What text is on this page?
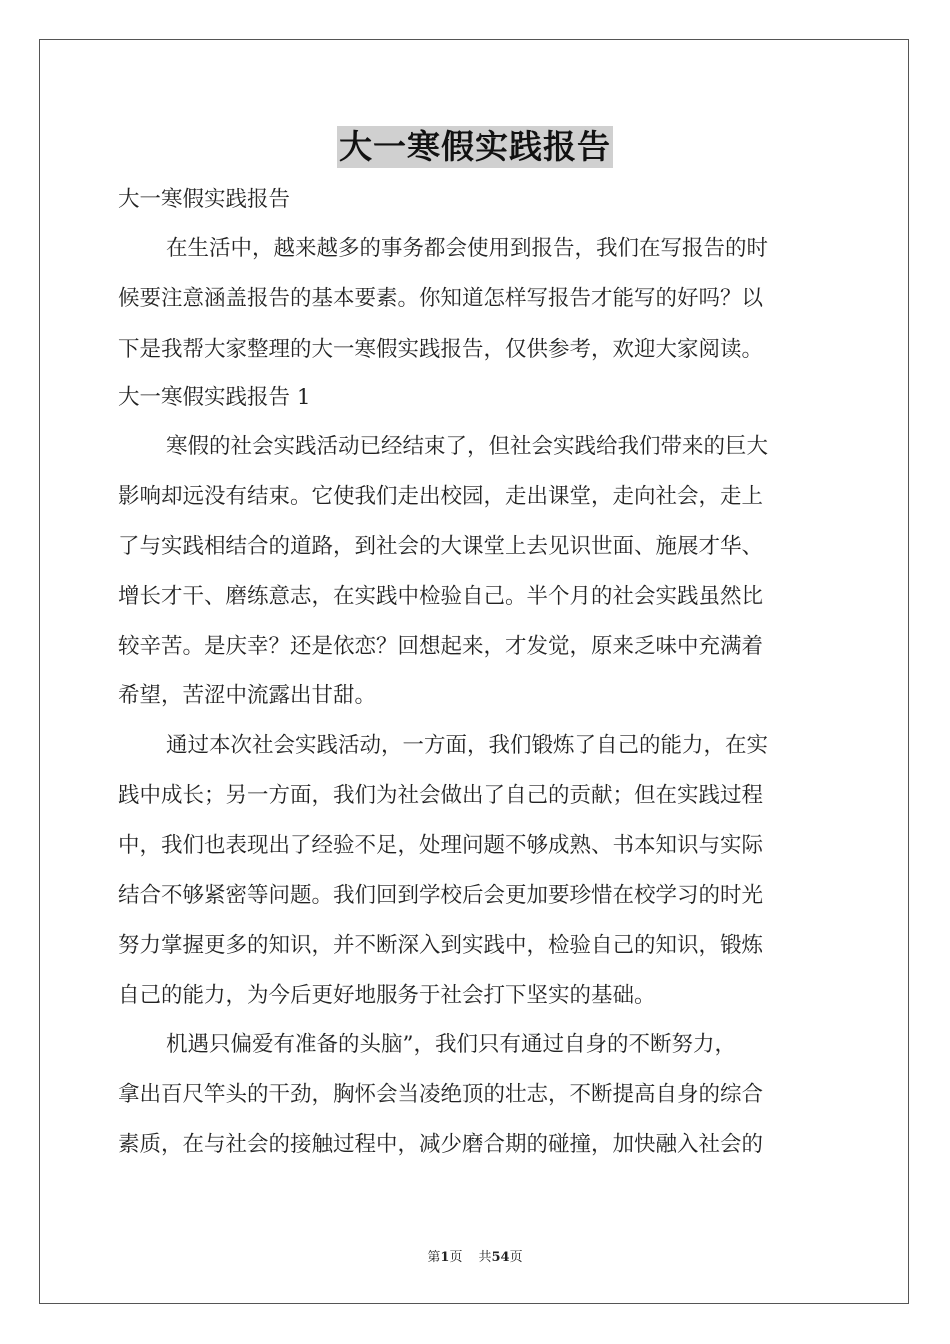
大一寒假实践报告
大一寒假实践报告
在生活中，越来越多的事务都会使用到报告，我们在写报告的时
候要注意涵盖报告的基本要素。你知道怎样写报告才能写的好吗？以
下是我帮大家整理的大一寒假实践报告，仅供参考，欢迎大家阅读。
大一寒假实践报告 1
寒假的社会实践活动已经结束了，但社会实践给我们带来的巨大
影响却远没有结束。它使我们走出校园，走出课堂，走向社会，走上
了与实践相结合的道路，到社会的大课堂上去见识世面、施展才华、
增长才干、磨练意志，在实践中检验自己。半个月的社会实践虽然比
较辛苦。是庆幸？还是依恋？回想起来，才发觉，原来乏味中充满着
希望，苦涩中流露出甘甜。
通过本次社会实践活动，一方面，我们锻炼了自己的能力，在实
践中成长；另一方面，我们为社会做出了自己的贡献；但在实践过程
中，我们也表现出了经验不足，处理问题不够成熟、书本知识与实际
结合不够紧密等问题。我们回到学校后会更加要珍惜在校学习的时光
努力掌握更多的知识，并不断深入到实践中，检验自己的知识，锻炼
自己的能力，为今后更好地服务于社会打下坚实的基础。
机遇只偏爱有准备的头脑”，我们只有通过自身的不断努力，
拿出百尺竿头的干劲，胸怀会当凌绝顶的壮志，不断提高自身的综合
素质，在与社会的接触过程中，减少磨合期的碰撞，加快融入社会的
第1页 共54页
